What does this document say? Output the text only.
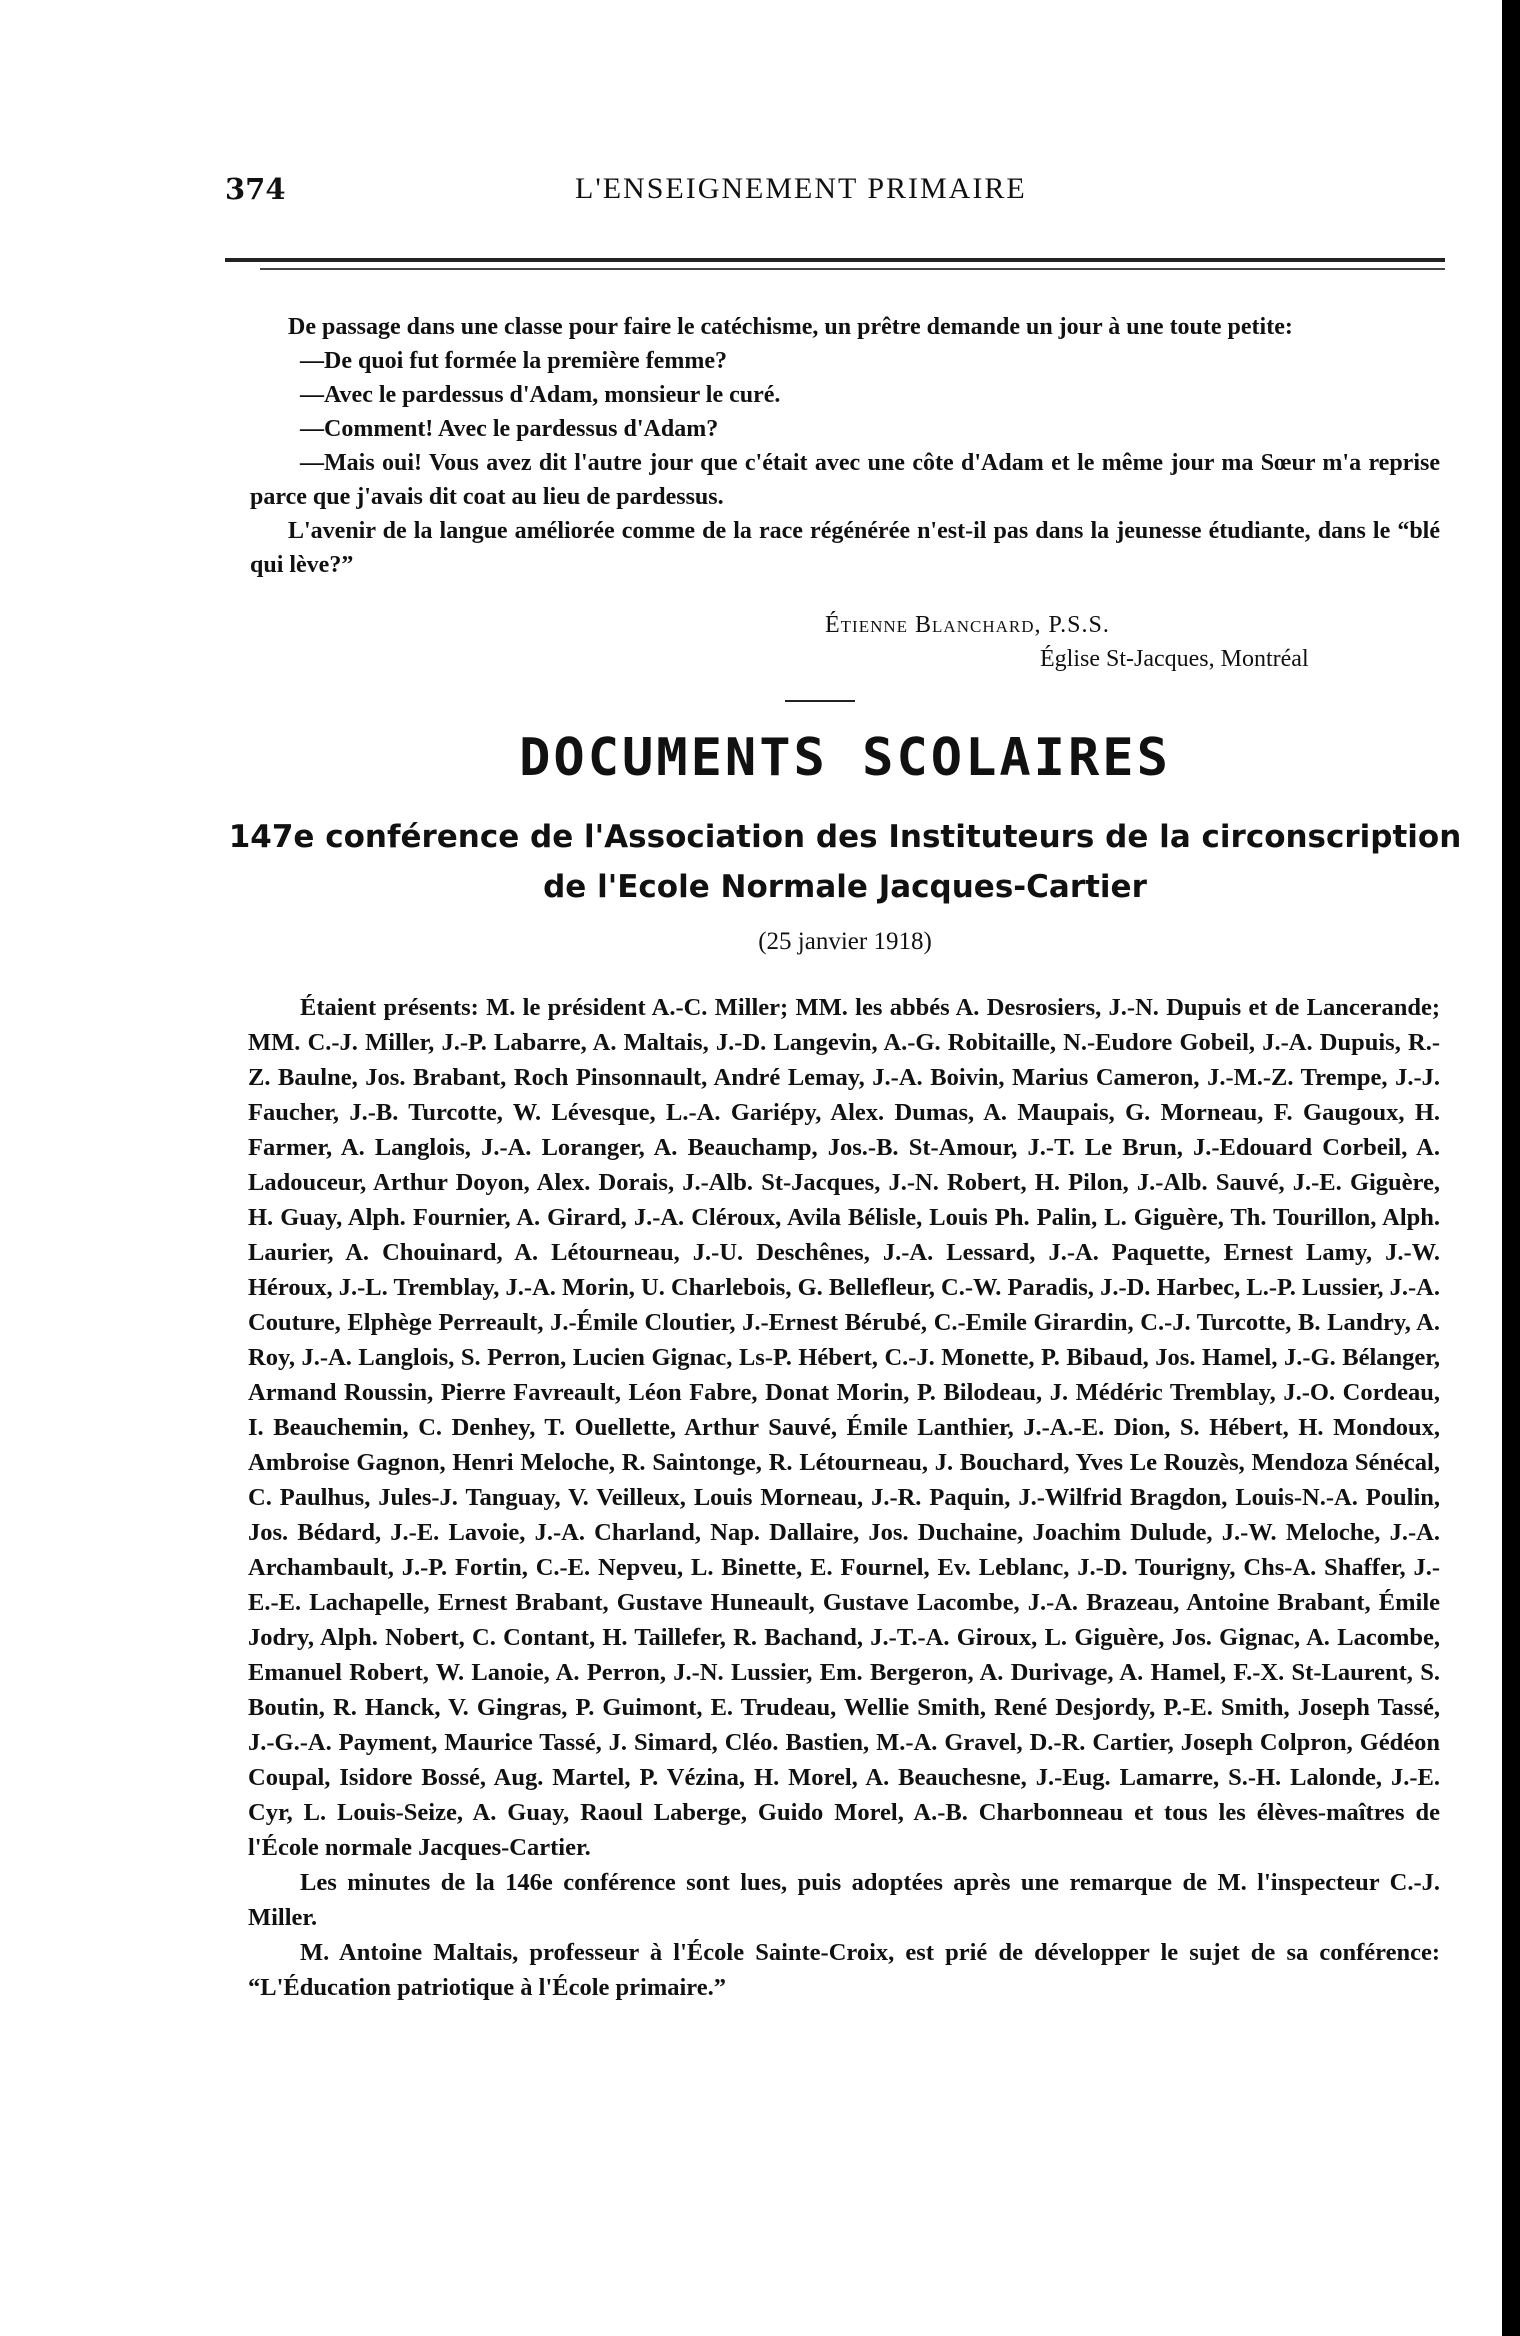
374	L'ENSEIGNEMENT PRIMAIRE

De passage dans une classe pour faire le catéchisme, un prêtre demande un jour à une toute petite:

—De quoi fut formée la première femme?

—Avec le pardessus d'Adam, monsieur le curé.

—Comment! Avec le pardessus d'Adam?

—Mais oui! Vous avez dit l'autre jour que c'était avec une côte d'Adam et le même jour ma Sœur m'a reprise parce que j'avais dit coat au lieu de pardessus.

L'avenir de la langue améliorée comme de la race régénérée n'est-il pas dans la jeunesse étudiante, dans le “blé qui lève?”

Étienne Blanchard, P.S.S.
Église St-Jacques, Montréal
DOCUMENTS SCOLAIRES
147e conférence de l'Association des Instituteurs de la circonscription
de l'Ecole Normale Jacques-Cartier
(25 janvier 1918)

Étaient présents: M. le président A.-C. Miller; MM. les abbés A. Desrosiers, J.-N. Dupuis et de Lancerande; MM. C.-J. Miller, J.-P. Labarre, A. Maltais, J.-D. Langevin, A.-G. Robitaille, N.-Eudore Gobeil, J.-A. Dupuis, R.-Z. Baulne, Jos. Brabant, Roch Pinsonnault, André Lemay, J.-A. Boivin, Marius Cameron, J.-M.-Z. Trempe, J.-J. Faucher, J.-B. Turcotte, W. Lévesque, L.-A. Gariépy, Alex. Dumas, A. Maupais, G. Morneau, F. Gaugoux, H. Farmer, A. Langlois, J.-A. Loranger, A. Beauchamp, Jos.-B. St-Amour, J.-T. Le Brun, J.-Edouard Corbeil, A. Ladouceur, Arthur Doyon, Alex. Dorais, J.-Alb. St-Jacques, J.-N. Robert, H. Pilon, J.-Alb. Sauvé, J.-E. Giguère, H. Guay, Alph. Fournier, A. Girard, J.-A. Cléroux, Avila Bélisle, Louis Ph. Palin, L. Giguère, Th. Tourillon, Alph. Laurier, A. Chouinard, A. Létourneau, J.-U. Deschênes, J.-A. Lessard, J.-A. Paquette, Ernest Lamy, J.-W. Héroux, J.-L. Tremblay, J.-A. Morin, U. Charlebois, G. Bellefleur, C.-W. Paradis, J.-D. Harbec, L.-P. Lussier, J.-A. Couture, Elphège Perreault, J.-Émile Cloutier, J.-Ernest Bérubé, C.-Emile Girardin, C.-J. Turcotte, B. Landry, A. Roy, J.-A. Langlois, S. Perron, Lucien Gignac, Ls-P. Hébert, C.-J. Monette, P. Bibaud, Jos. Hamel, J.-G. Bélanger, Armand Roussin, Pierre Favreault, Léon Fabre, Donat Morin, P. Bilodeau, J. Médéric Tremblay, J.-O. Cordeau, I. Beauchemin, C. Denhey, T. Ouellette, Arthur Sauvé, Émile Lanthier, J.-A.-E. Dion, S. Hébert, H. Mondoux, Ambroise Gagnon, Henri Meloche, R. Saintonge, R. Létourneau, J. Bouchard, Yves Le Rouzès, Mendoza Sénécal, C. Paulhus, Jules-J. Tanguay, V. Veilleux, Louis Morneau, J.-R. Paquin, J.-Wilfrid Bragdon, Louis-N.-A. Poulin, Jos. Bédard, J.-E. Lavoie, J.-A. Charland, Nap. Dallaire, Jos. Duchaine, Joachim Dulude, J.-W. Meloche, J.-A. Archambault, J.-P. Fortin, C.-E. Nepveu, L. Binette, E. Fournel, Ev. Leblanc, J.-D. Tourigny, Chs-A. Shaffer, J.-E.-E. Lachapelle, Ernest Brabant, Gustave Huneault, Gustave Lacombe, J.-A. Brazeau, Antoine Brabant, Émile Jodry, Alph. Nobert, C. Contant, H. Taillefer, R. Bachand, J.-T.-A. Giroux, L. Giguère, Jos. Gignac, A. Lacombe, Emanuel Robert, W. Lanoie, A. Perron, J.-N. Lussier, Em. Bergeron, A. Durivage, A. Hamel, F.-X. St-Laurent, S. Boutin, R. Hanck, V. Gingras, P. Guimont, E. Trudeau, Wellie Smith, René Desjordy, P.-E. Smith, Joseph Tassé, J.-G.-A. Payment, Maurice Tassé, J. Simard, Cléo. Bastien, M.-A. Gravel, D.-R. Cartier, Joseph Colpron, Gédéon Coupal, Isidore Bossé, Aug. Martel, P. Vézina, H. Morel, A. Beauchesne, J.-Eug. Lamarre, S.-H. Lalonde, J.-E. Cyr, L. Louis-Seize, A. Guay, Raoul Laberge, Guido Morel, A.-B. Charbonneau et tous les élèves-maîtres de l'École normale Jacques-Cartier.

Les minutes de la 146e conférence sont lues, puis adoptées après une remarque de M. l'inspecteur C.-J. Miller.

M. Antoine Maltais, professeur à l'École Sainte-Croix, est prié de développer le sujet de sa conférence: “L'Éducation patriotique à l'École primaire.”
